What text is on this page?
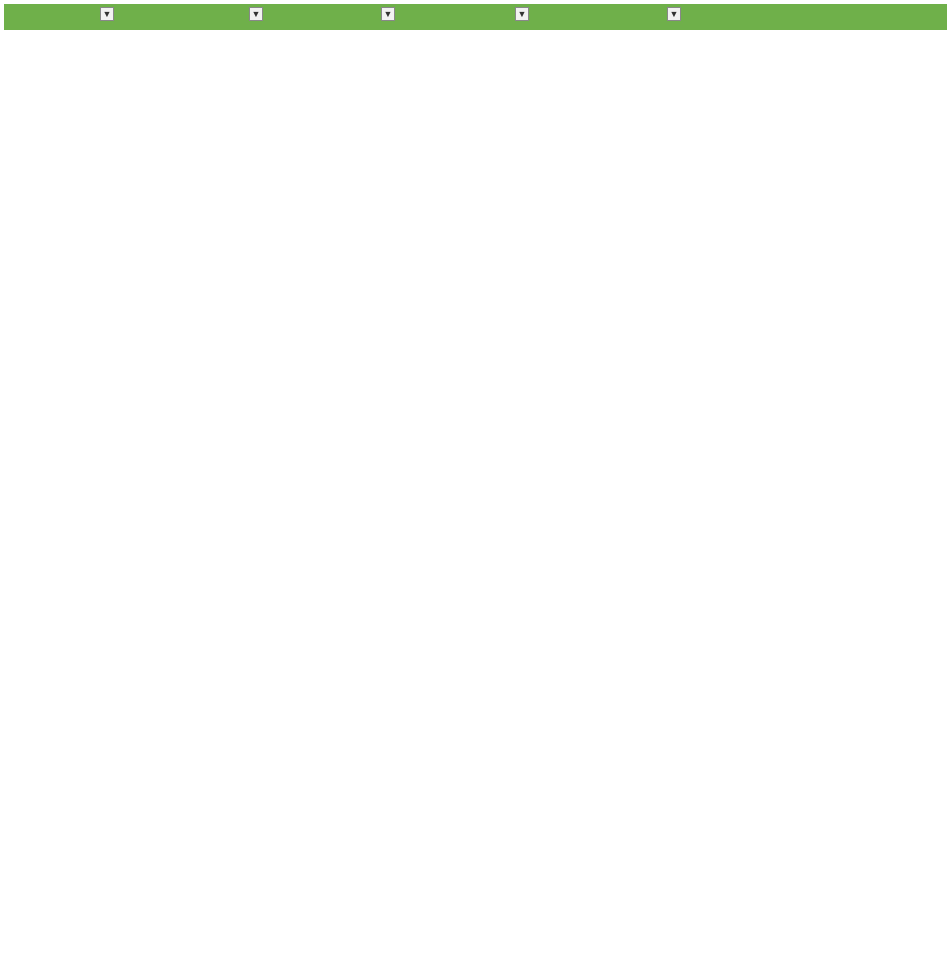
▼	▼	▼	▼	▼
